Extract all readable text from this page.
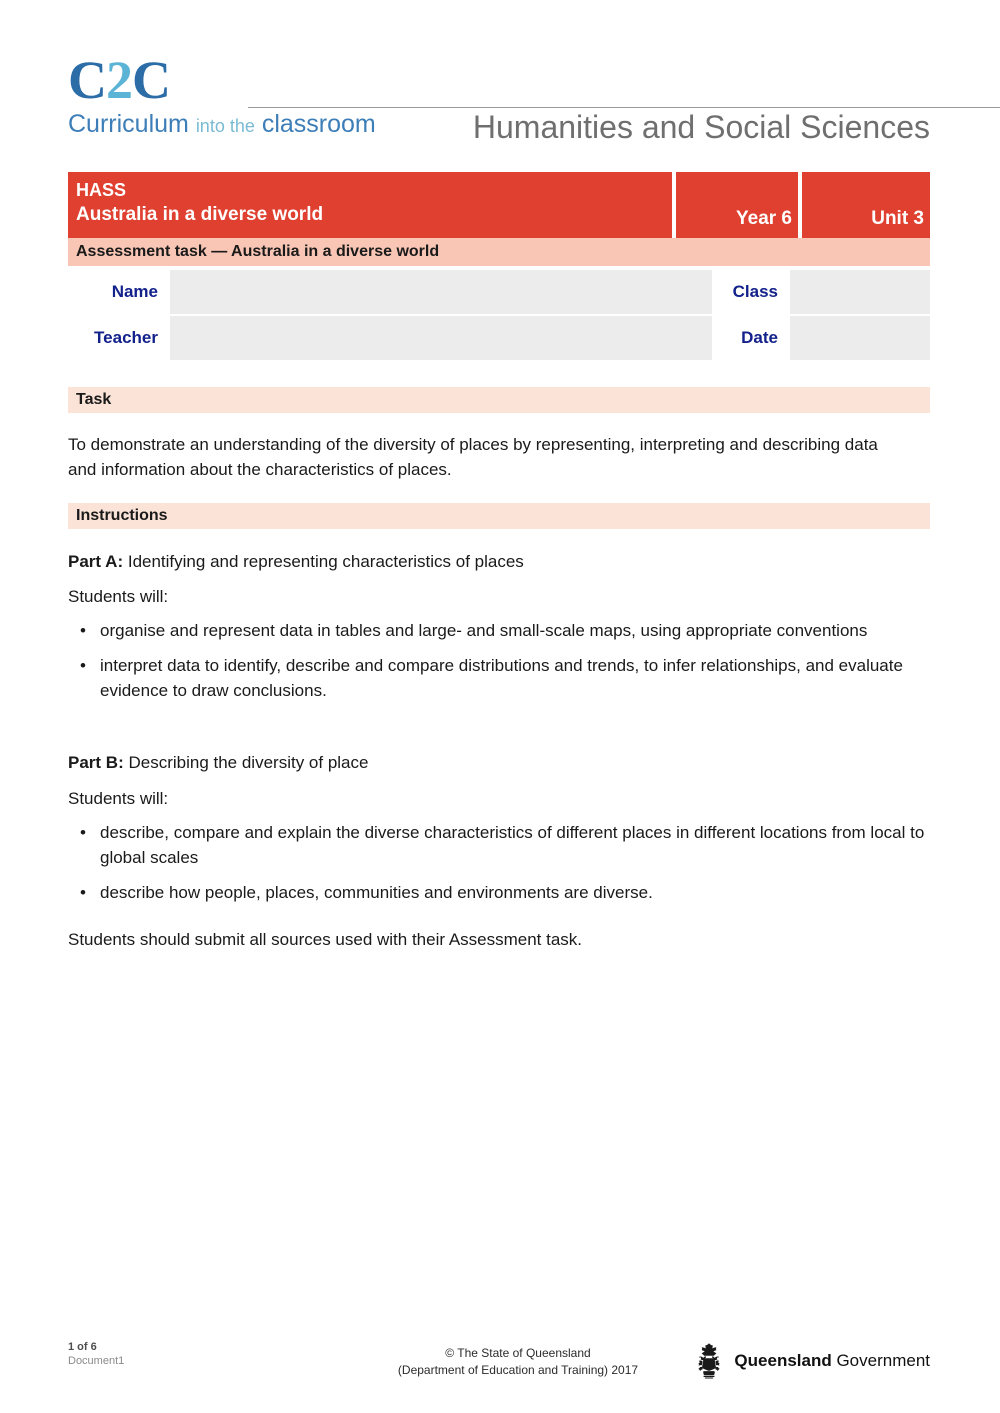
C2C
Curriculum into the classroom	Humanities and Social Sciences
HASS
Australia in a diverse world	Year 6	Unit 3
Assessment task — Australia in a diverse world
Name	Class
Teacher	Date
Task
To demonstrate an understanding of the diversity of places by representing, interpreting and describing data and information about the characteristics of places.
Instructions
Part A: Identifying and representing characteristics of places
Students will:
• organise and represent data in tables and large- and small-scale maps, using appropriate conventions
• interpret data to identify, describe and compare distributions and trends, to infer relationships, and evaluate evidence to draw conclusions.
Part B: Describing the diversity of place
Students will:
• describe, compare and explain the diverse characteristics of different places in different locations from local to global scales
• describe how people, places, communities and environments are diverse.
Students should submit all sources used with their Assessment task.
1 of 6
Document1
© The State of Queensland
(Department of Education and Training) 2017	Queensland Government
